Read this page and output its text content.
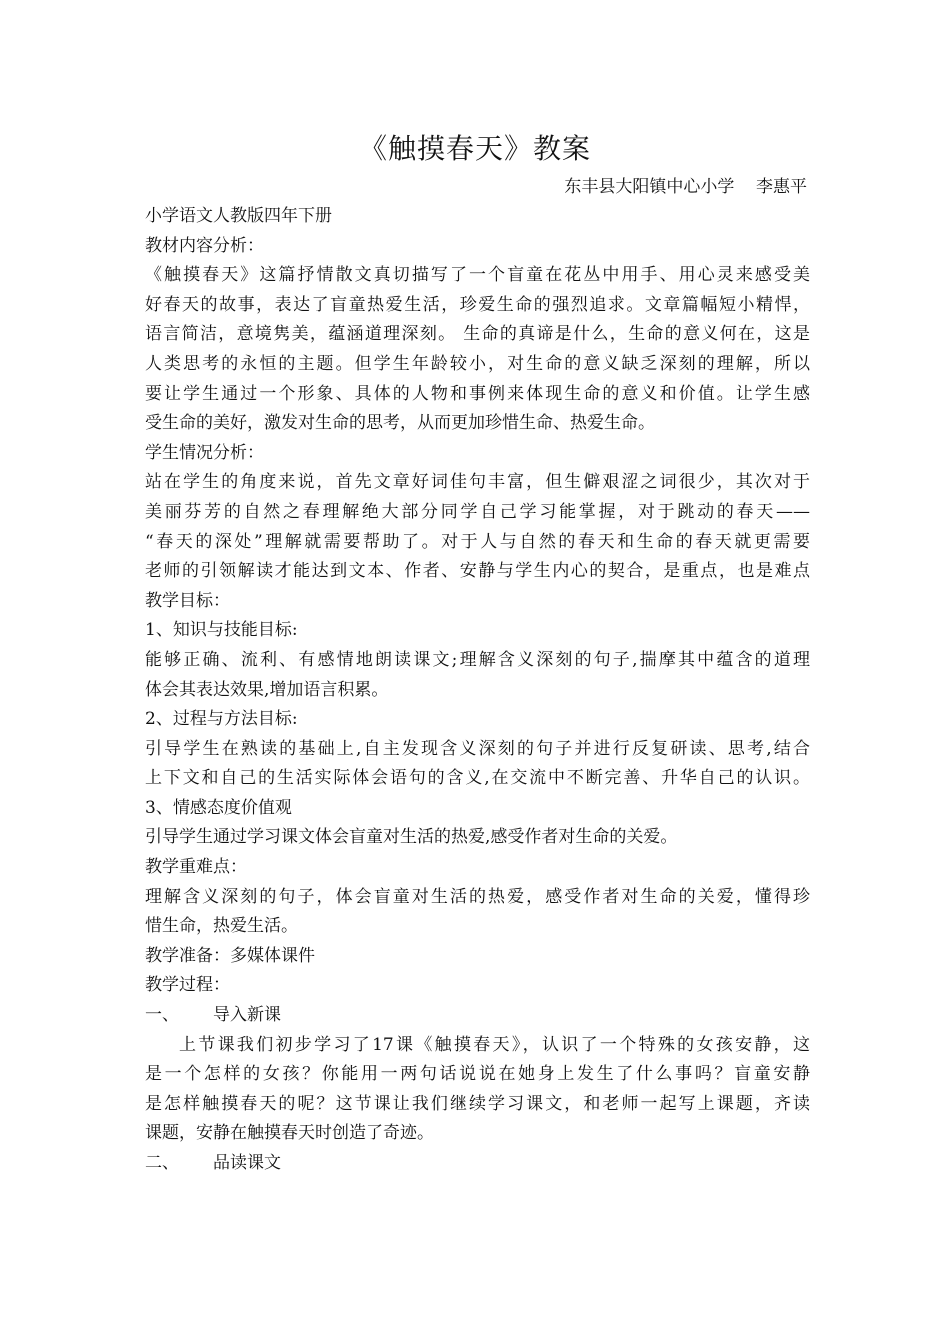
《触摸春天》教案
东丰县大阳镇中心小学    李惠平
小学语文人教版四年下册
教材内容分析：
《触摸春天》这篇抒情散文真切描写了一个盲童在花丛中用手、用心灵来感受美
好春天的故事，表达了盲童热爱生活，珍爱生命的强烈追求。文章篇幅短小精悍，
语言简洁，意境隽美，蕴涵道理深刻。 生命的真谛是什么，生命的意义何在，这是
人类思考的永恒的主题。但学生年龄较小，对生命的意义缺乏深刻的理解，所以
要让学生通过一个形象、具体的人物和事例来体现生命的意义和价值。让学生感
受生命的美好，激发对生命的思考，从而更加珍惜生命、热爱生命。
学生情况分析：
站在学生的角度来说，首先文章好词佳句丰富，但生僻艰涩之词很少，其次对于
美丽芬芳的自然之春理解绝大部分同学自己学习能掌握，对于跳动的春天——
“春天的深处”理解就需要帮助了。对于人与自然的春天和生命的春天就更需要
老师的引领解读才能达到文本、作者、安静与学生内心的契合，是重点，也是难点
教学目标：
1、知识与技能目标:
能够正确、流利、有感情地朗读课文;理解含义深刻的句子,揣摩其中蕴含的道理
体会其表达效果,增加语言积累。
2、过程与方法目标:
引导学生在熟读的基础上,自主发现含义深刻的句子并进行反复研读、思考,结合
上下文和自己的生活实际体会语句的含义,在交流中不断完善、升华自己的认识。
3、情感态度价值观
引导学生通过学习课文体会盲童对生活的热爱,感受作者对生命的关爱。
教学重难点：
理解含义深刻的句子，体会盲童对生活的热爱，感受作者对生命的关爱，懂得珍
惜生命，热爱生活。
教学准备：多媒体课件
教学过程：
一、 导入新课
上节课我们初步学习了17课《触摸春天》，认识了一个特殊的女孩安静，这
是一个怎样的女孩？你能用一两句话说说在她身上发生了什么事吗？盲童安静
是怎样触摸春天的呢？这节课让我们继续学习课文，和老师一起写上课题，齐读
课题，安静在触摸春天时创造了奇迹。
二、 品读课文
